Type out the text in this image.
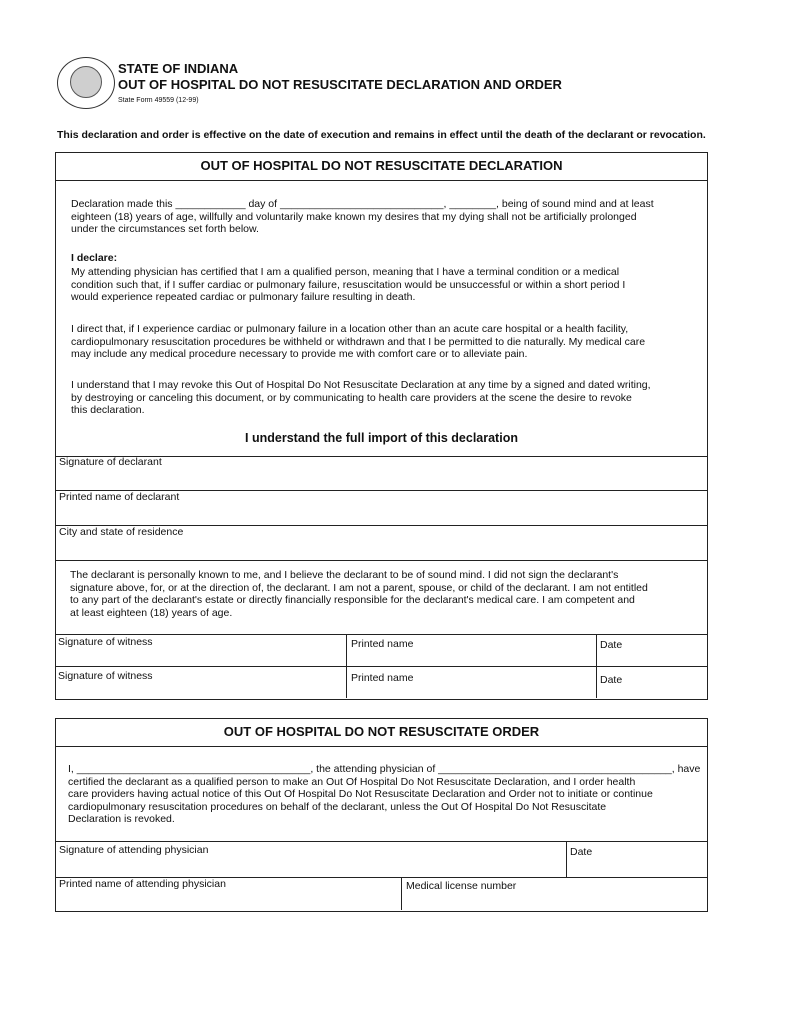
STATE OF INDIANA
OUT OF HOSPITAL DO NOT RESUSCITATE DECLARATION AND ORDER
State Form 49559 (12-99)
This declaration and order is effective on the date of execution and remains in effect until the death of the declarant or revocation.
OUT OF HOSPITAL DO NOT RESUSCITATE DECLARATION
Declaration made this ____________ day of ____________________________, ________, being of sound mind and at least
eighteen (18) years of age, willfully and voluntarily make known my desires that my dying shall not be artificially prolonged
under the circumstances set forth below.
I declare:
My attending physician has certified that I am a qualified person, meaning that I have a terminal condition or a medical
condition such that, if I suffer cardiac or pulmonary failure, resuscitation would be unsuccessful or within a short period I
would experience repeated cardiac or pulmonary failure resulting in death.
I direct that, if I experience cardiac or pulmonary failure in a location other than an acute care hospital or a health facility,
cardiopulmonary resuscitation procedures be withheld or withdrawn and that I be permitted to die naturally. My medical care
may include any medical procedure necessary to provide me with comfort care or to alleviate pain.
I understand that I may revoke this Out of Hospital Do Not Resuscitate Declaration at any time by a signed and dated writing,
by destroying or canceling this document, or by communicating to health care providers at the scene the desire to revoke
this declaration.
I understand the full import of this declaration
Signature of declarant
Printed name of declarant
City and state of residence
The declarant is personally known to me, and I believe the declarant to be of sound mind. I did not sign the declarant's
signature above, for, or at the direction of, the declarant. I am not a parent, spouse, or child of the declarant. I am not entitled
to any part of the declarant's estate or directly financially responsible for the declarant's medical care. I am competent and
at least eighteen (18) years of age.
Signature of witness	Printed name	Date
Signature of witness	Printed name	Date
OUT OF HOSPITAL DO NOT RESUSCITATE ORDER
I, ________________________________________, the attending physician of ________________________________________, have
certified the declarant as a qualified person to make an Out Of Hospital Do Not Resuscitate Declaration, and I order health
care providers having actual notice of this Out Of Hospital Do Not Resuscitate Declaration and Order not to initiate or continue
cardiopulmonary resuscitation procedures on behalf of the declarant, unless the Out Of Hospital Do Not Resuscitate
Declaration is revoked.
Signature of attending physician	Date
Printed name of attending physician	Medical license number
